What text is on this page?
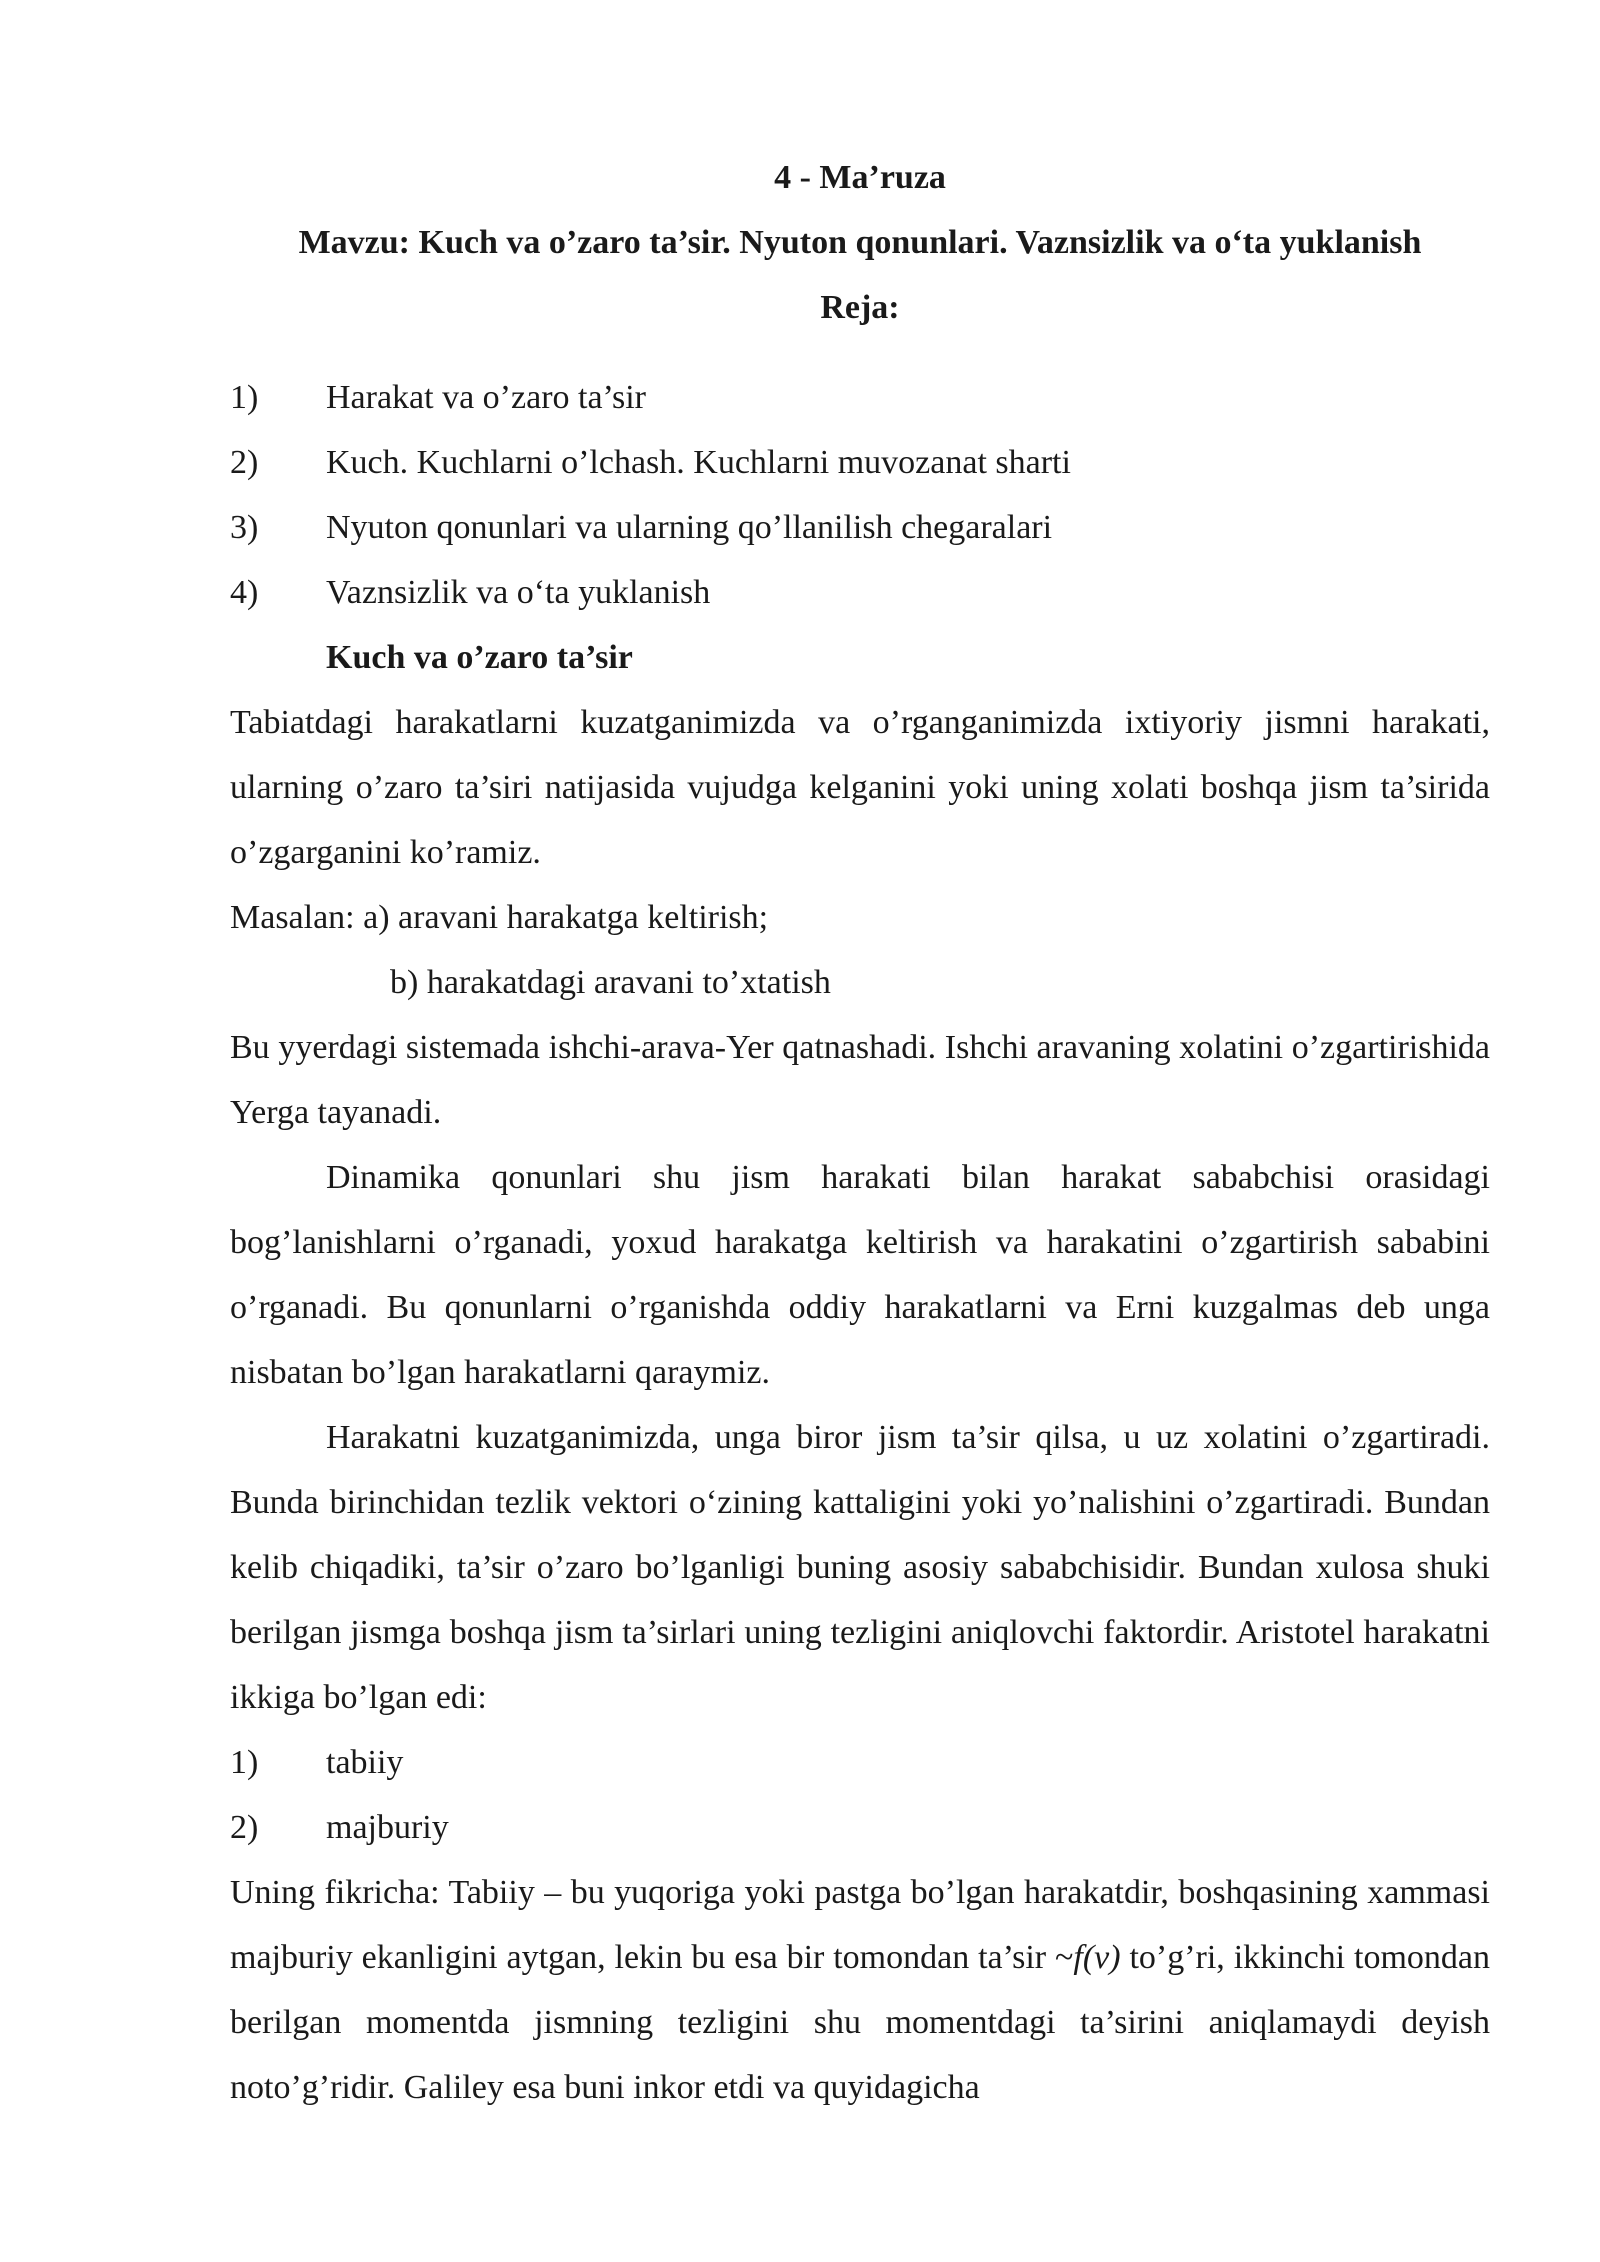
4 - Ma’ruza

Mavzu: Kuch va o’zaro ta’sir. Nyuton qonunlari. Vaznsizlik va o‘ta yuklanish

Reja:

1) Harakat va o’zaro ta’sir

2) Kuch. Kuchlarni o’lchash. Kuchlarni muvozanat sharti

3) Nyuton qonunlari va ularning qo’llanilish chegaralari

4) Vaznsizlik va o‘ta yuklanish

Kuch va o’zaro ta’sir

Tabiatdagi harakatlarni kuzatganimizda va o’rganganimizda ixtiyoriy jismni harakati, ularning o’zaro ta’siri natijasida vujudga kelganini yoki uning xolati boshqa jism ta’sirida o’zgarganini ko’ramiz.

Masalan: a) aravani harakatga keltirish;

b) harakatdagi aravani to’xtatish

Bu yyerdagi sistemada ishchi-arava-Yer qatnashadi. Ishchi aravaning xolatini o’zgartirishida Yerga tayanadi.

Dinamika qonunlari shu jism harakati bilan harakat sababchisi orasidagi bog’lanishlarni o’rganadi, yoxud harakatga keltirish va harakatini o’zgartirish sababini o’rganadi. Bu qonunlarni o’rganishda oddiy harakatlarni va Erni kuzgalmas deb unga nisbatan bo’lgan harakatlarni qaraymiz.

Harakatni kuzatganimizda, unga biror jism ta’sir qilsa, u uz xolatini o’zgartiradi. Bunda birinchidan tezlik vektori o‘zining kattaligini yoki yo’nalishini o’zgartiradi. Bundan kelib chiqadiki, ta’sir o’zaro bo’lganligi buning asosiy sababchisidir. Bundan xulosa shuki berilgan jismga boshqa jism ta’sirlari uning tezligini aniqlovchi faktordir. Aristotel harakatni ikkiga bo’lgan edi:

1) tabiiy

2) majburiy

Uning fikricha: Tabiiy – bu yuqoriga yoki pastga bo’lgan harakatdir, boshqasining xammasi majburiy ekanligini aytgan, lekin bu esa bir tomondan ta’sir ~f(v) to’g’ri, ikkinchi tomondan berilgan momentda jismning tezligini shu momentdagi ta’sirini aniqlamaydi deyish noto’g’ridir. Galiley esa buni inkor etdi va quyidagicha
